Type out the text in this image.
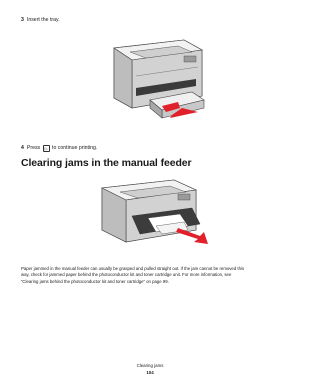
3 Insert the tray.
4 Press ▷ to continue printing.
Clearing jams in the manual feeder
Paper jammed in the manual feeder can usually be grasped and pulled straight out. If the jam cannot be removed this
way, check for jammed paper behind the photoconductor kit and toner cartridge unit. For more information, see
“Clearing jams behind the photoconductor kit and toner cartridge” on page 99.
Clearing jams
104
